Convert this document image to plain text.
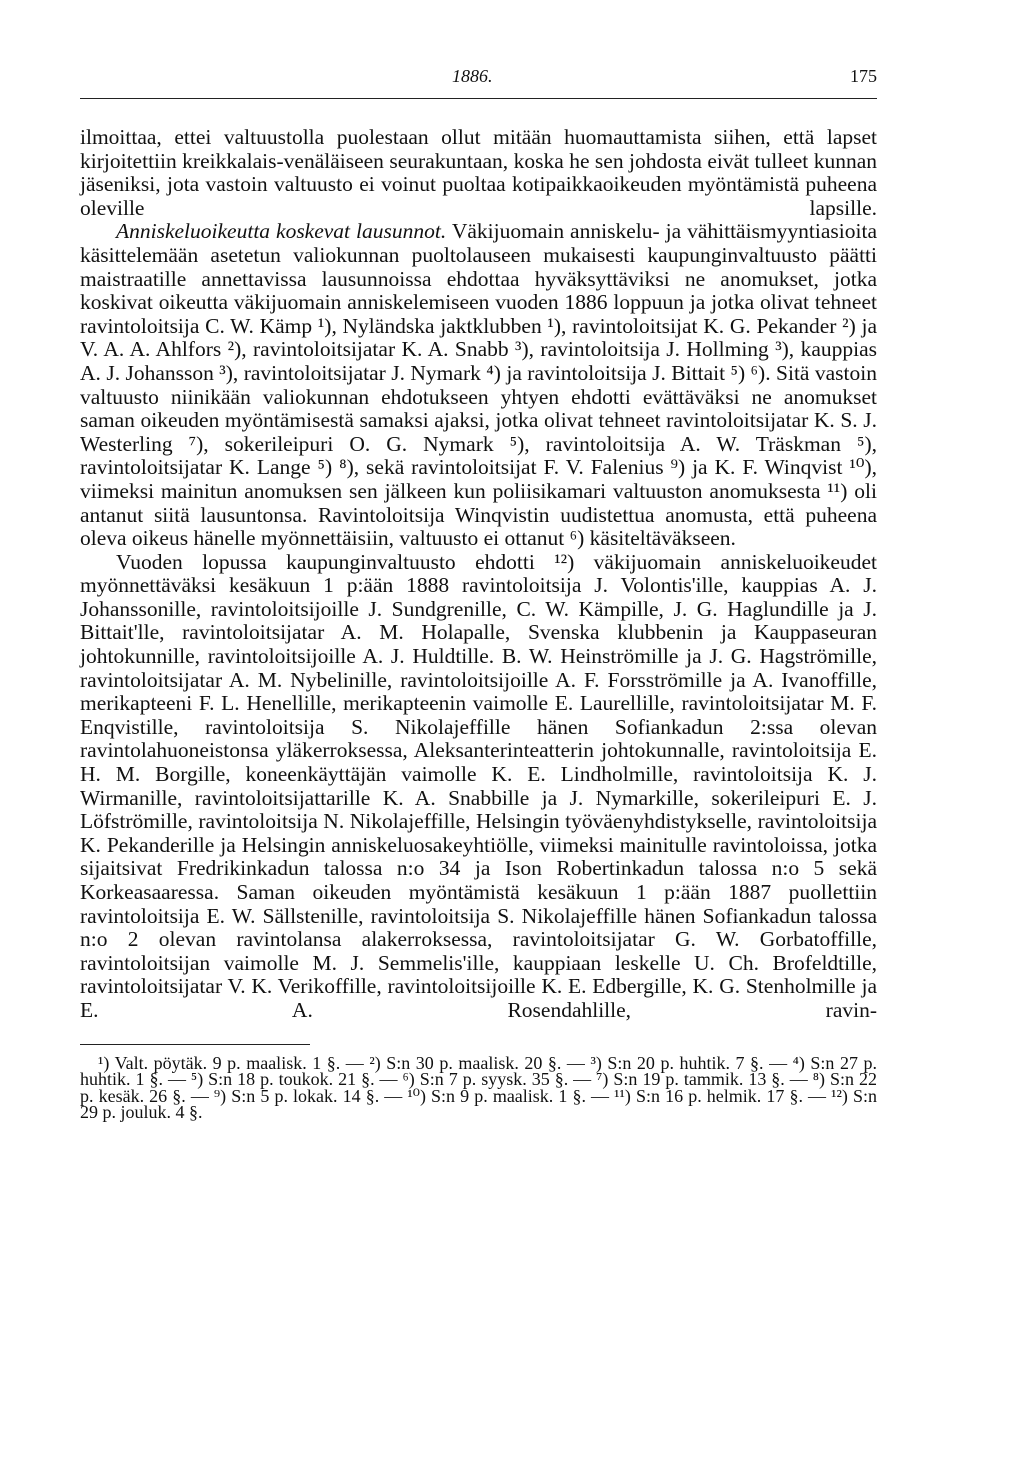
1886.	175

ilmoittaa, ettei valtuustolla puolestaan ollut mitään huomauttamista siihen, että lapset kirjoitettiin kreikkalais-venäläiseen seurakuntaan, koska he sen johdosta eivät tulleet kunnan jäseniksi, jota vastoin valtuusto ei voinut puoltaa kotipaikkaoikeuden myöntämistä puheena oleville lapsille.

Anniskeluoikeutta koskevat lausunnot. Väkijuomain anniskelu- ja vähittäismyyntiasioita käsittelemään asetetun valiokunnan puoltolauseen mukaisesti kaupunginvaltuusto päätti maistraatille annettavissa lausunnoissa ehdottaa hyväksyttäviksi ne anomukset, jotka koskivat oikeutta väkijuomain anniskelemiseen vuoden 1886 loppuun ja jotka olivat tehneet ravintoloitsija C. W. Kämp ¹), Nyländska jaktklubben ¹), ravintoloitsijat K. G. Pekander ²) ja V. A. A. Ahlfors ²), ravintoloitsijatar K. A. Snabb ³), ravintoloitsija J. Hollming ³), kauppias A. J. Johansson ³), ravintoloitsijatar J. Nymark ⁴) ja ravintoloitsija J. Bittait ⁵) ⁶). Sitä vastoin valtuusto niinikään valiokunnan ehdotukseen yhtyen ehdotti evättäväksi ne anomukset saman oikeuden myöntämisestä samaksi ajaksi, jotka olivat tehneet ravintoloitsijatar K. S. J. Westerling ⁷), sokerileipuri O. G. Nymark ⁵), ravintoloitsija A. W. Träskman ⁵), ravintoloitsijatar K. Lange ⁵) ⁸), sekä ravintoloitsijat F. V. Falenius ⁹) ja K. F. Winqvist ¹⁰), viimeksi mainitun anomuksen sen jälkeen kun poliisikamari valtuuston anomuksesta ¹¹) oli antanut siitä lausuntonsa. Ravintoloitsija Winqvistin uudistettua anomusta, että puheena oleva oikeus hänelle myönnettäisiin, valtuusto ei ottanut ⁶) käsiteltäväkseen.

Vuoden lopussa kaupunginvaltuusto ehdotti ¹²) väkijuomain anniskeluoikeudet myönnettäväksi kesäkuun 1 p:ään 1888 ravintoloitsija J. Volontis'ille, kauppias A. J. Johanssonille, ravintoloitsijoille J. Sundgrenille, C. W. Kämpille, J. G. Haglundille ja J. Bittait'lle, ravintoloitsijatar A. M. Holapalle, Svenska klubbenin ja Kauppaseuran johtokunnille, ravintoloitsijoille A. J. Huldtille. B. W. Heinströmille ja J. G. Hagströmille, ravintoloitsijatar A. M. Nybelinille, ravintoloitsijoille A. F. Forsströmille ja A. Ivanoffille, merikapteeni F. L. Henellille, merikapteenin vaimolle E. Laurellille, ravintoloitsijatar M. F. Enqvistille, ravintoloitsija S. Nikolajeffille hänen Sofiankadun 2:ssa olevan ravintolahuoneistonsa yläkerroksessa, Aleksanterinteatterin johtokunnalle, ravintoloitsija E. H. M. Borgille, koneenkäyttäjän vaimolle K. E. Lindholmille, ravintoloitsija K. J. Wirmanille, ravintoloitsijattarille K. A. Snabbille ja J. Nymarkille, sokerileipuri E. J. Löfströmille, ravintoloitsija N. Nikolajeffille, Helsingin työväenyhdistykselle, ravintoloitsija K. Pekanderille ja Helsingin anniskeluosakeyhtiölle, viimeksi mainitulle ravintoloissa, jotka sijaitsivat Fredrikinkadun talossa n:o 34 ja Ison Robertinkadun talossa n:o 5 sekä Korkeasaaressa. Saman oikeuden myöntämistä kesäkuun 1 p:ään 1887 puollettiin ravintoloitsija E. W. Sällstenille, ravintoloitsija S. Nikolajeffille hänen Sofiankadun talossa n:o 2 olevan ravintolansa alakerroksessa, ravintoloitsijatar G. W. Gorbatoffille, ravintoloitsijan vaimolle M. J. Semmelis'ille, kauppiaan leskelle U. Ch. Brofeldtille, ravintoloitsijatar V. K. Verikoffille, ravintoloitsijoille K. E. Edbergille, K. G. Stenholmille ja E. A. Rosendahlille, ravin-

¹) Valt. pöytäk. 9 p. maalisk. 1 §. — ²) S:n 30 p. maalisk. 20 §. — ³) S:n 20 p. huhtik. 7 §. — ⁴) S:n 27 p. huhtik. 1 §. — ⁵) S:n 18 p. toukok. 21 §. — ⁶) S:n 7 p. syysk. 35 §. — ⁷) S:n 19 p. tammik. 13 §. — ⁸) S:n 22 p. kesäk. 26 §. — ⁹) S:n 5 p. lokak. 14 §. — ¹⁰) S:n 9 p. maalisk. 1 §. — ¹¹) S:n 16 p. helmik. 17 §. — ¹²) S:n 29 p. jouluk. 4 §.
